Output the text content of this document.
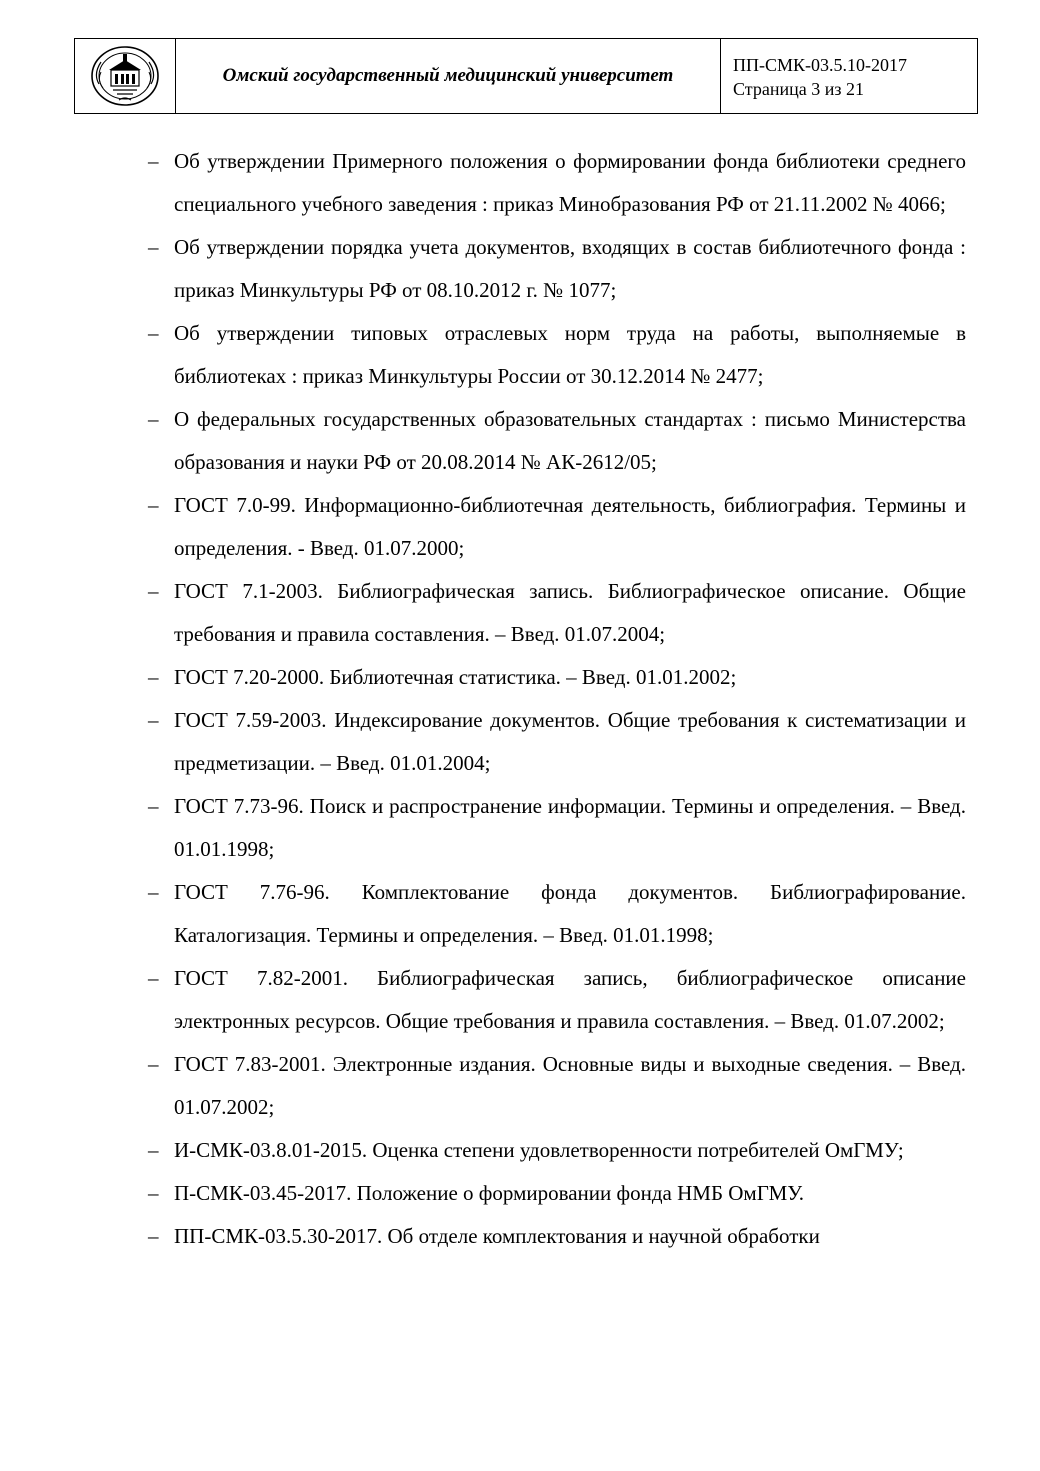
Омский государственный медицинский университет	ПП-СМК-03.5.10-2017
Страница 3 из 21
– Об утверждении Примерного положения о формировании фонда библиотеки среднего специального учебного заведения : приказ Минобразования РФ от 21.11.2002 № 4066;
– Об утверждении порядка учета документов, входящих в состав библиотечного фонда : приказ Минкультуры РФ от 08.10.2012 г. № 1077;
– Об утверждении типовых отраслевых норм труда на работы, выполняемые в библиотеках : приказ Минкультуры России от 30.12.2014 № 2477;
– О федеральных государственных образовательных стандартах : письмо Министерства образования и науки РФ от 20.08.2014 № АК-2612/05;
– ГОСТ 7.0-99. Информационно-библиотечная деятельность, библиография. Термины и определения. - Введ. 01.07.2000;
– ГОСТ 7.1-2003. Библиографическая запись. Библиографическое описание. Общие требования и правила составления. – Введ. 01.07.2004;
– ГОСТ 7.20-2000. Библиотечная статистика. – Введ. 01.01.2002;
– ГОСТ 7.59-2003. Индексирование документов. Общие требования к систематизации и предметизации. – Введ. 01.01.2004;
– ГОСТ 7.73-96. Поиск и распространение информации. Термины и определения. – Введ. 01.01.1998;
– ГОСТ 7.76-96. Комплектование фонда документов. Библиографирование. Каталогизация. Термины и определения. – Введ. 01.01.1998;
– ГОСТ 7.82-2001. Библиографическая запись, библиографическое описание электронных ресурсов. Общие требования и правила составления. – Введ. 01.07.2002;
– ГОСТ 7.83-2001. Электронные издания. Основные виды и выходные сведения. – Введ. 01.07.2002;
– И-СМК-03.8.01-2015. Оценка степени удовлетворенности потребителей ОмГМУ;
– П-СМК-03.45-2017. Положение о формировании фонда НМБ ОмГМУ.
– ПП-СМК-03.5.30-2017. Об отделе комплектования и научной обработки
